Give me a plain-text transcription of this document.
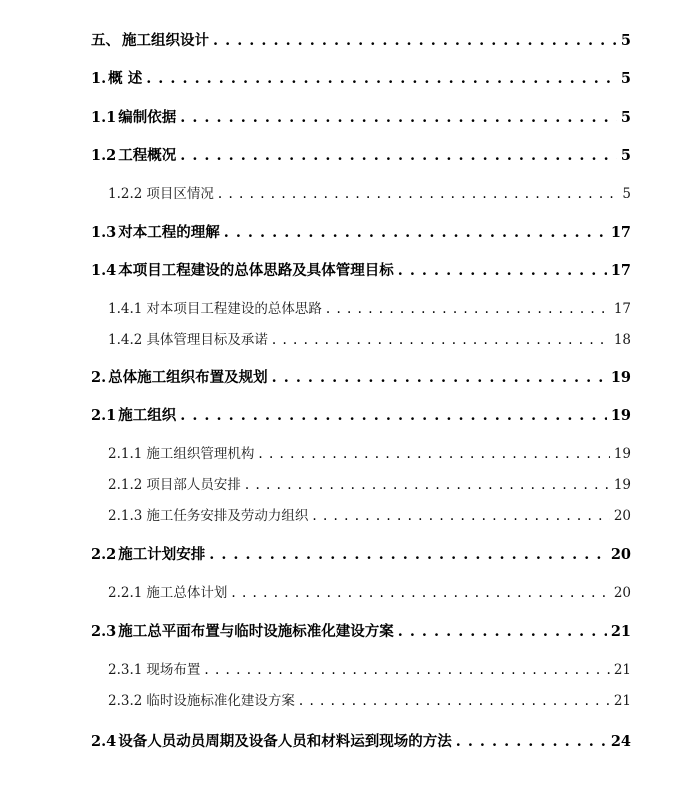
五、 施工组织设计 . . .	5
1. 概 述 . . .	5
1.1 编制依据 . . .	5
1.2 工程概况 . . .	5
1.2.2 项目区情况 . . .	5
1.3 对本工程的理解 . . .	17
1.4 本项目工程建设的总体思路及具体管理目标 . . .	17
1.4.1 对本项目工程建设的总体思路 . . .	17
1.4.2 具体管理目标及承诺 . . .	18
2. 总体施工组织布置及规划 . . .	19
2.1 施工组织 . . .	19
2.1.1 施工组织管理机构 . . .	19
2.1.2 项目部人员安排 . . .	19
2.1.3 施工任务安排及劳动力组织 . . .	20
2.2 施工计划安排 . . .	20
2.2.1 施工总体计划 . . .	20
2.3 施工总平面布置与临时设施标准化建设方案 . . .	21
2.3.1 现场布置 . . .	21
2.3.2 临时设施标准化建设方案 . . .	21
2.4 设备人员动员周期及设备人员和材料运到现场的方法 . . .	24
